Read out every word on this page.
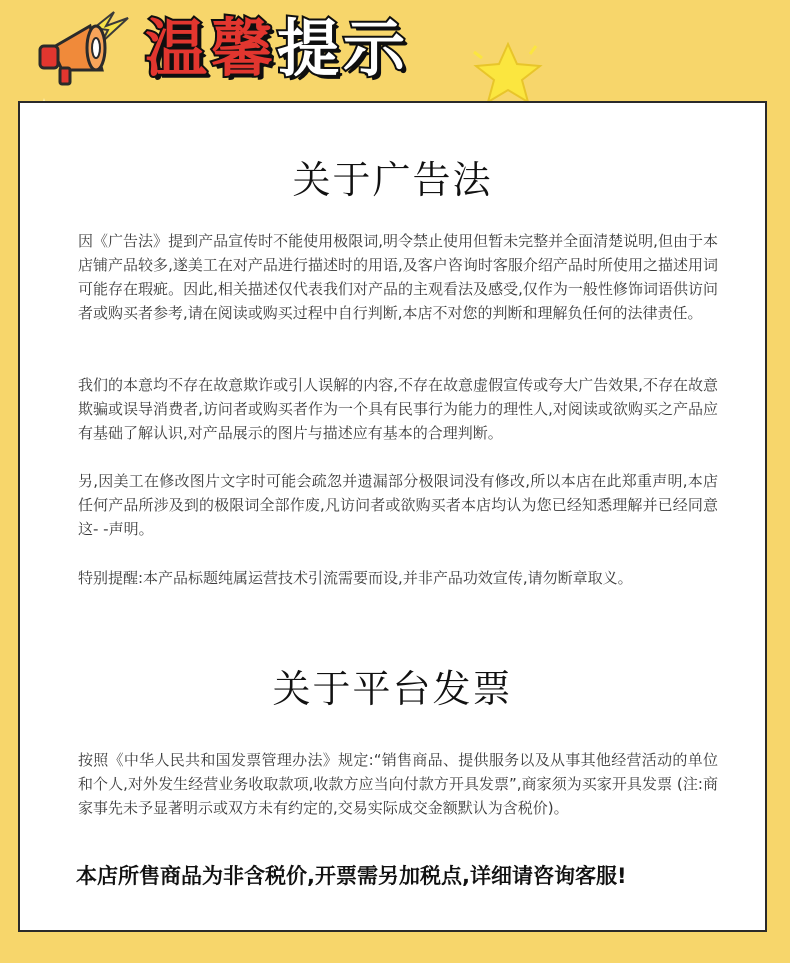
温 馨 提 示
关于广告法

因《广告法》提到产品宣传时不能使用极限词,明令禁止使用但暂未完整并全面清楚说明,但由于本店铺产品较多,遂美工在对产品进行描述时的用语,及客户咨询时客服介绍产品时所使用之描述用词可能存在瑕疵。因此,相关描述仅代表我们对产品的主观看法及感受,仅作为一般性修饰词语供访问者或购买者参考,请在阅读或购买过程中自行判断,本店不对您的判断和理解负任何的法律责任。

我们的本意均不存在故意欺诈或引人误解的内容,不存在故意虚假宣传或夸大广告效果,不存在故意欺骗或误导消费者,访问者或购买者作为一个具有民事行为能力的理性人,对阅读或欲购买之产品应有基础了解认识,对产品展示的图片与描述应有基本的合理判断。

另,因美工在修改图片文字时可能会疏忽并遗漏部分极限词没有修改,所以本店在此郑重声明,本店任何产品所涉及到的极限词全部作废,凡访问者或欲购买者本店均认为您已经知悉理解并已经同意这- -声明。

特别提醒:本产品标题纯属运营技术引流需要而设,并非产品功效宣传,请勿断章取义。

关于平台发票

按照《中华人民共和国发票管理办法》规定:“销售商品、提供服务以及从事其他经营活动的单位和个人,对外发生经营业务收取款项,收款方应当向付款方开具发票”,商家须为买家开具发票 (注:商家事先未予显著明示或双方未有约定的,交易实际成交金额默认为含税价)。

本店所售商品为非含税价,开票需另加税点,详细请咨询客服!
